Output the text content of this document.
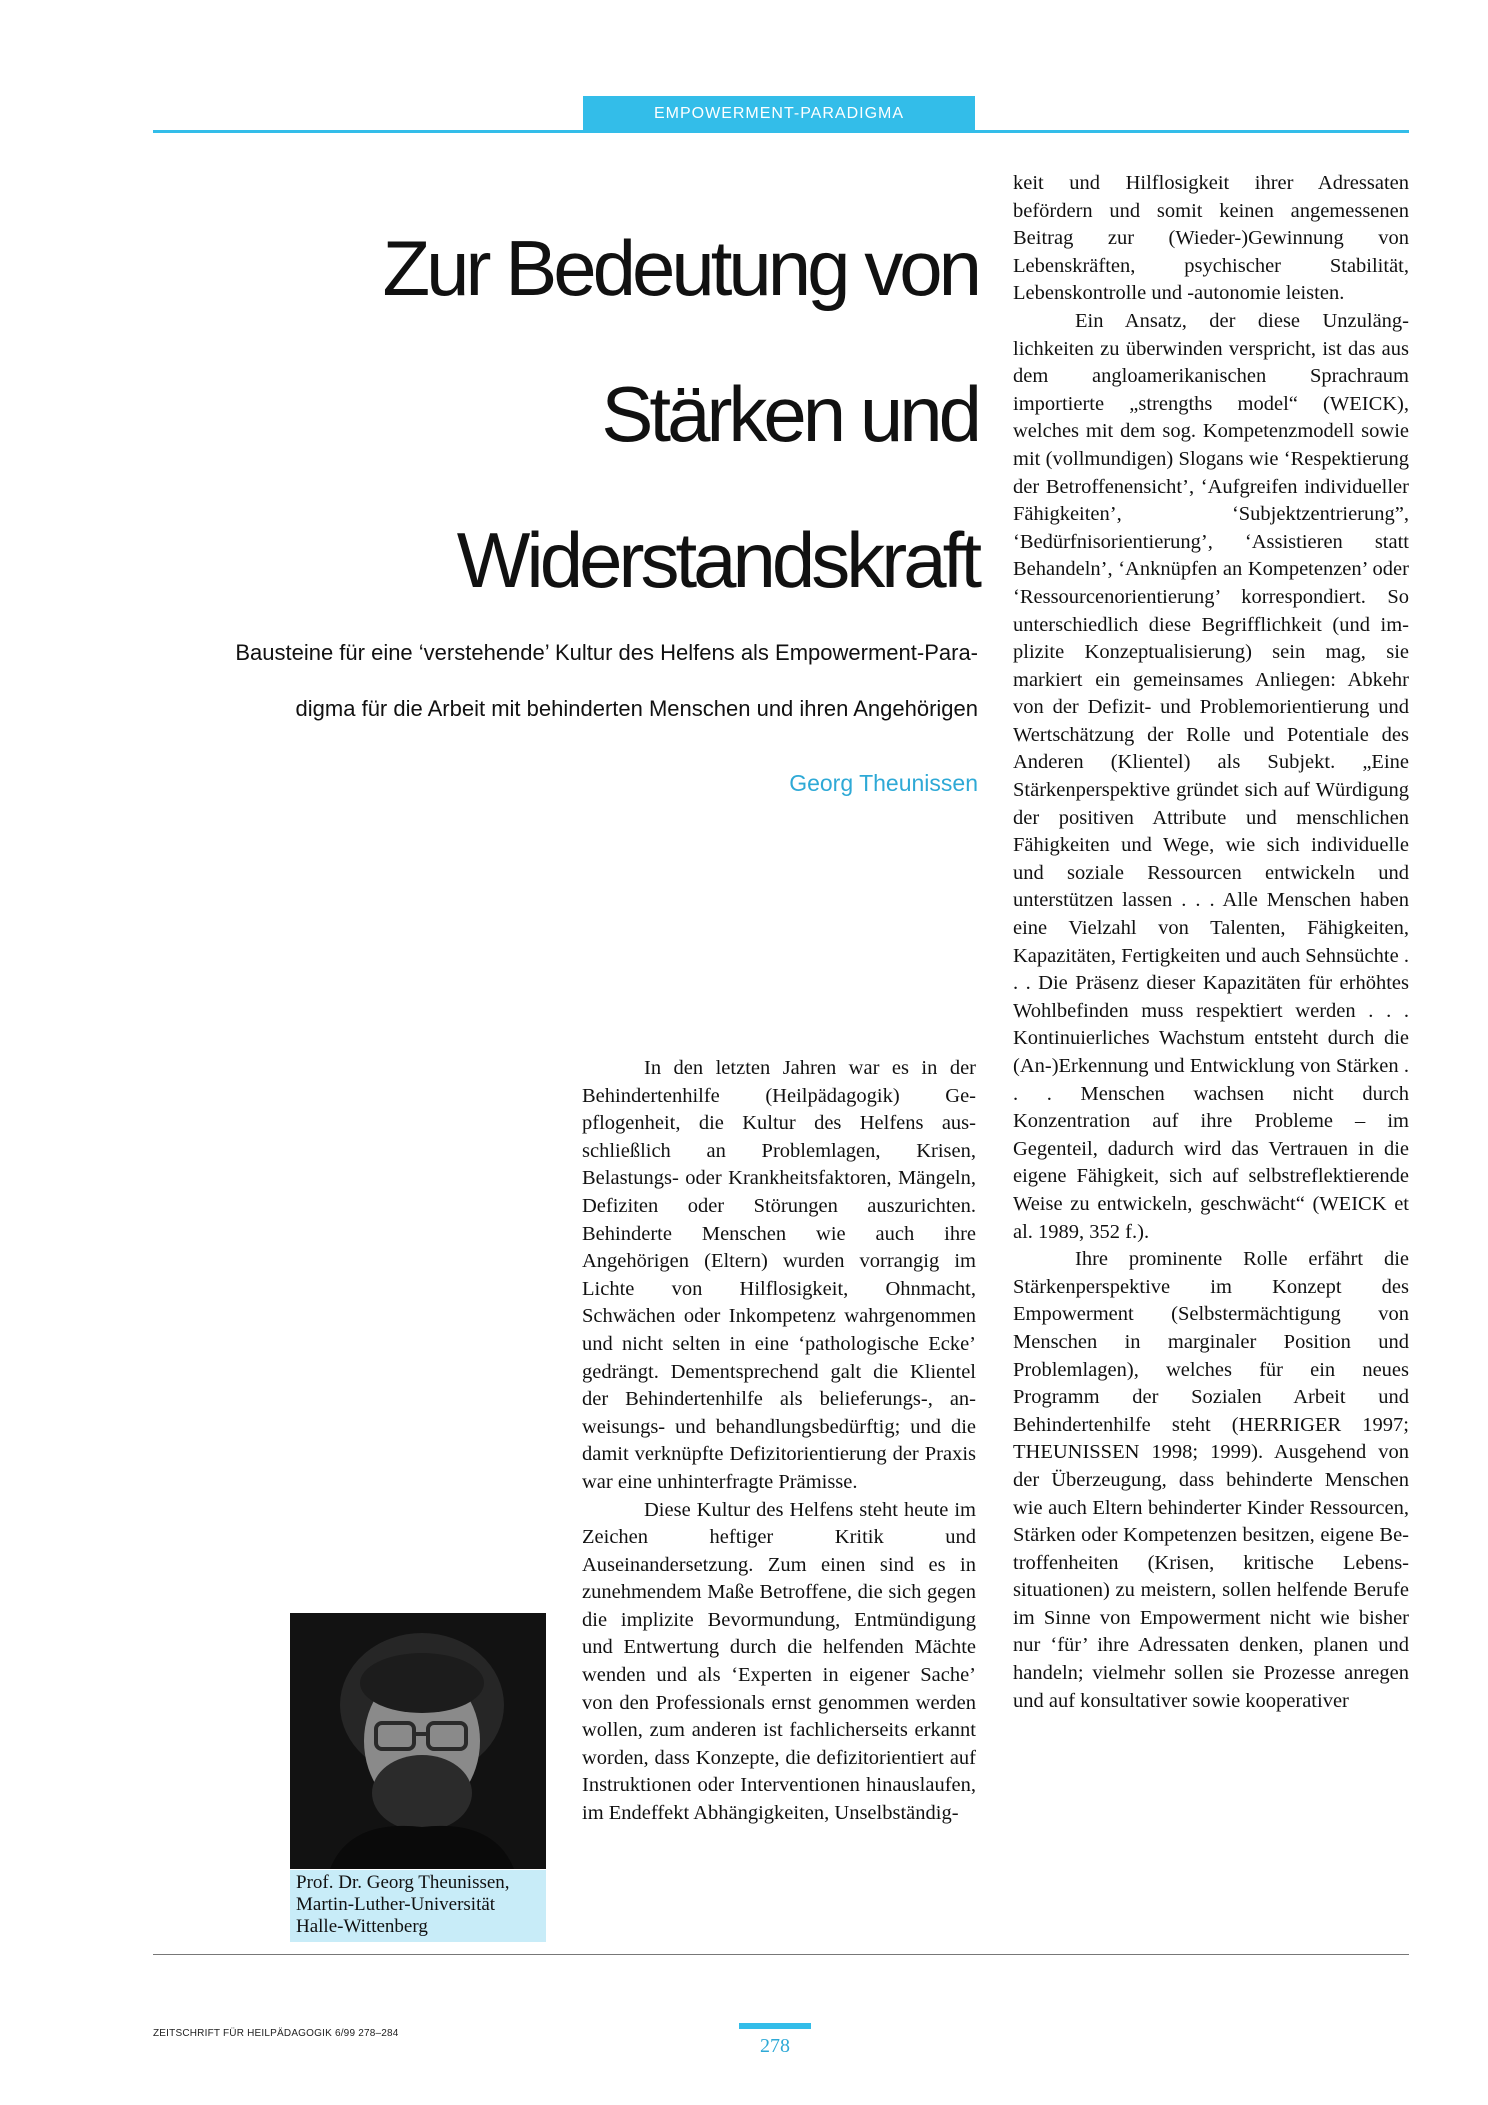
EMPOWERMENT-PARADIGMA
Zur Bedeutung von
Stärken und
Widerstandskraft

Bausteine für eine ‘verstehende’ Kultur des Helfens als Empowerment-Para-
digma für die Arbeit mit behinderten Menschen und ihren Angehörigen

Georg Theunissen

In den letzten Jahren war es in der Behindertenhilfe (Heilpädagogik) Gepflogenheit, die Kultur des Helfens ausschließlich an Problemlagen, Krisen, Belastungs- oder Krankheitsfaktoren, Mängeln, Defiziten oder Störungen auszurichten. Behinderte Menschen wie auch ihre Angehörigen (Eltern) wurden vorrangig im Lichte von Hilflosigkeit, Ohnmacht, Schwächen oder Inkompetenz wahrgenommen und nicht selten in eine ‘pathologische Ecke’ gedrängt. Dementsprechend galt die Klientel der Behindertenhilfe als belieferungs-, anweisungs- und behandlungsbedürftig; und die damit verknüpfte Defizitorientierung der Praxis war eine unhinterfragte Prämisse.

Diese Kultur des Helfens steht heute im Zeichen heftiger Kritik und Auseinandersetzung. Zum einen sind es in zunehmendem Maße Betroffene, die sich gegen die implizite Bevormundung, Entmündigung und Entwertung durch die helfenden Mächte wenden und als ‘Experten in eigener Sache’ von den Professionals ernst genommen werden wollen, zum anderen ist fachlicherseits erkannt worden, dass Konzepte, die defizitorientiert auf Instruktionen oder Interventionen hinauslaufen, im Endeffekt Abhängigkeiten, Unselbständig-

keit und Hilflosigkeit ihrer Adressaten befördern und somit keinen angemessenen Beitrag zur (Wieder-)Gewinnung von Lebenskräften, psychischer Stabilität, Lebenskontrolle und -autonomie leisten.

Ein Ansatz, der diese Unzulänglichkeiten zu überwinden verspricht, ist das aus dem angloamerikanischen Sprachraum importierte „strengths model“ (WEICK), welches mit dem sog. Kompetenzmodell sowie mit (vollmundigen) Slogans wie ‘Respektierung der Betroffenensicht’, ‘Aufgreifen individueller Fähigkeiten’, ‘Subjektzentrierung”, ‘Bedürfnisorientierung’, ‘Assistieren statt Behandeln’, ‘Anknüpfen an Kompetenzen’ oder ‘Ressourcenorientierung’ korrespondiert. So unterschiedlich diese Begrifflichkeit (und implizite Konzeptualisierung) sein mag, sie markiert ein gemeinsames Anliegen: Abkehr von der Defizit- und Problemorientierung und Wertschätzung der Rolle und Potentiale des Anderen (Klientel) als Subjekt. „Eine Stärkenperspektive gründet sich auf Würdigung der positiven Attribute und menschlichen Fähigkeiten und Wege, wie sich individuelle und soziale Ressourcen entwickeln und unterstützen lassen . . . Alle Menschen haben eine Vielzahl von Talenten, Fähigkeiten, Kapazitäten, Fertigkeiten und auch Sehnsüchte . . . Die Präsenz dieser Kapazitäten für erhöhtes Wohlbefinden muss respektiert werden . . . Kontinuierliches Wachstum entsteht durch die (An-)Erkennung und Entwicklung von Stärken . . . Menschen wachsen nicht durch Konzentration auf ihre Probleme – im Gegenteil, dadurch wird das Vertrauen in die eigene Fähigkeit, sich auf selbstreflektierende Weise zu entwickeln, geschwächt“ (WEICK et al. 1989, 352 f.).

Ihre prominente Rolle erfährt die Stärkenperspektive im Konzept des Empowerment (Selbstermächtigung von Menschen in marginaler Position und Problemlagen), welches für ein neues Programm der Sozialen Arbeit und Behindertenhilfe steht (HERRIGER 1997; THEUNISSEN 1998; 1999). Ausgehend von der Überzeugung, dass behinderte Menschen wie auch Eltern behinderter Kinder Ressourcen, Stärken oder Kompetenzen besitzen, eigene Betroffenheiten (Krisen, kritische Lebenssituationen) zu meistern, sollen helfende Berufe im Sinne von Empowerment nicht wie bisher nur ‘für’ ihre Adressaten denken, planen und handeln; vielmehr sollen sie Prozesse anregen und auf konsultativer sowie kooperativer

Prof. Dr. Georg Theunissen, Martin-Luther-Universität Halle-Wittenberg
ZEITSCHRIFT FÜR HEILPÄDAGOGIK 6/99 278–284
278
